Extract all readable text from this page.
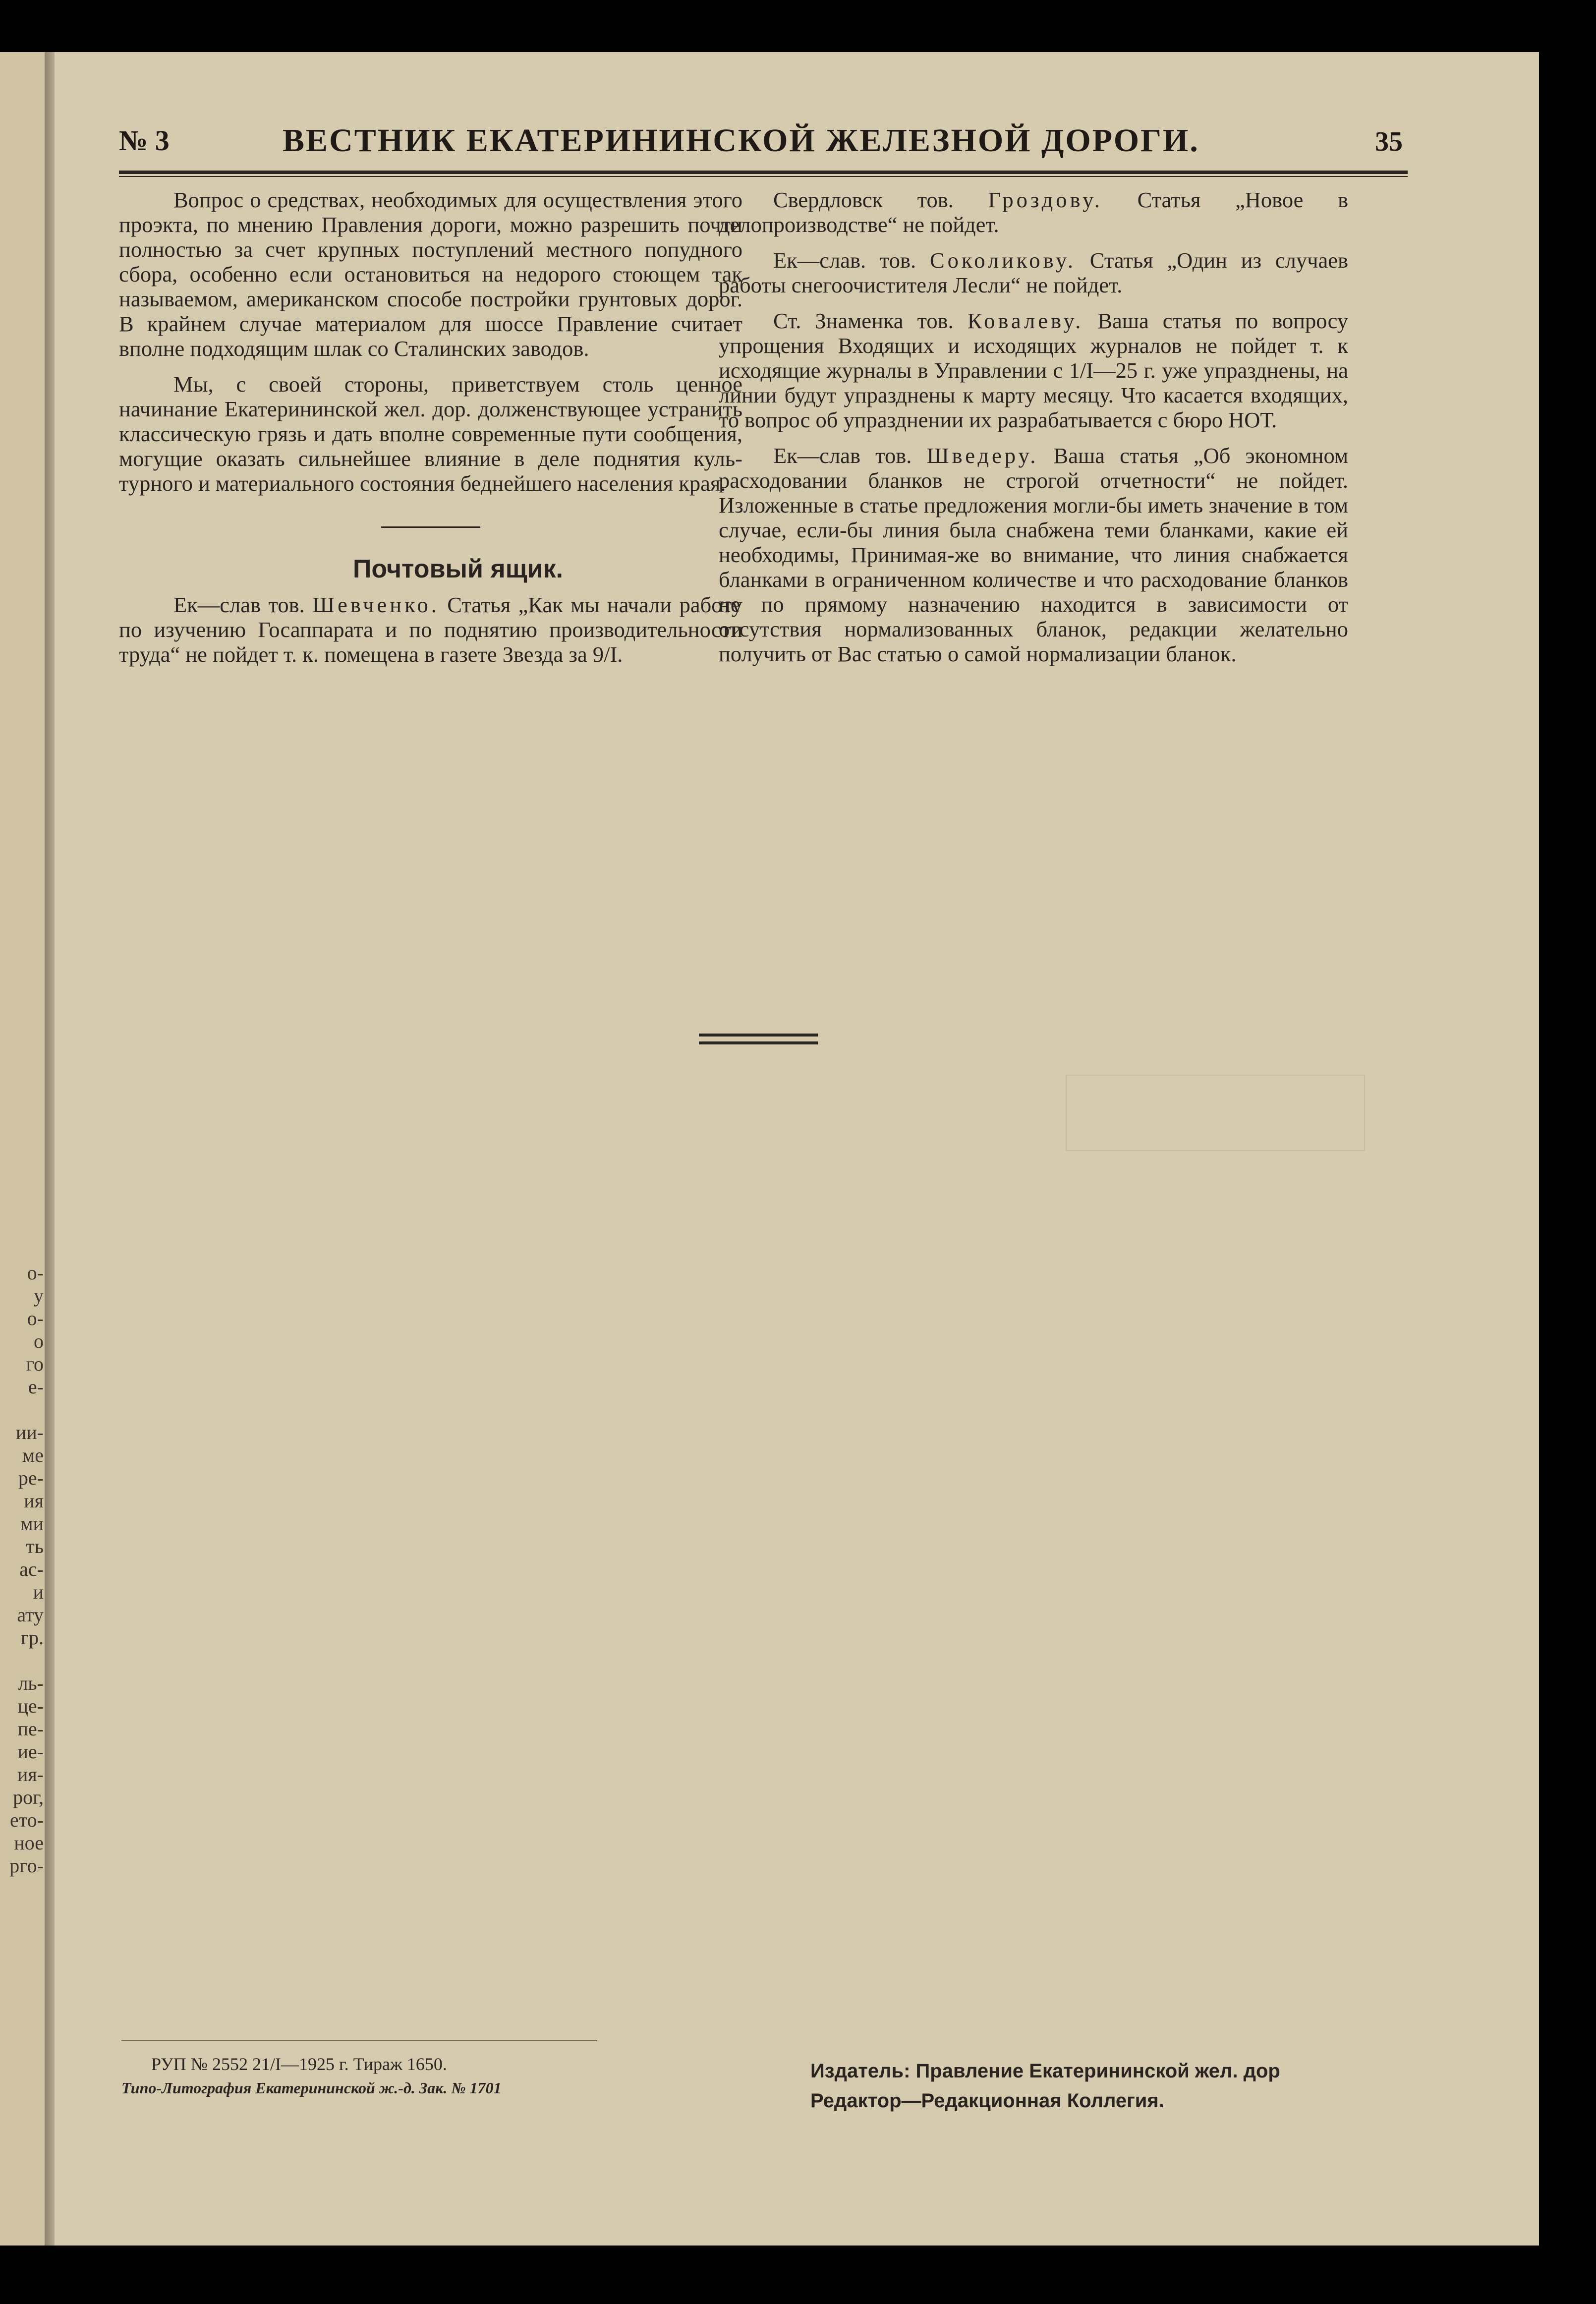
о-
у
о-
о
го
е-
ии-
ме
ре-
ия
ми
ть
ас-
и
ату
гр.
ль-
це-
пе-
ие-
ия-
рог,
ето-
ное
рго-
№ 3	ВЕСТНИК ЕКАТЕРИНИНСКОЙ ЖЕЛЕЗНОЙ ДОРОГИ.	35

Вопрос о средствах, необходимых для осуществления этого проэкта, по мнению Правления дороги, можно разрешить почти полностью за счет крупных поступлений местного попудного сбора, особенно если остановиться на недорого стоющем так называемом, американском способе постройки грунтовых дорог. В крайнем случае материалом для шоссе Правление считает вполне подходящим шлак со Сталинских заводов.

Мы, с своей стороны, приветствуем столь ценное начинание Екатерининской жел. дор. долженствующее устранить классическую грязь и дать вполне современные пути сообщения, могущие оказать сильнейшее влияние в деле поднятия культурного и материального состояния беднейшего населения края.

Почтовый ящик.

Ек—слав тов. Шевченко. Статья „Как мы начали работу по изучению Госаппарата и по поднятию производительности труда“ не пойдет т. к. помещена в газете Звезда за 9/I.

Свердловск тов. Гроздову. Статья „Новое в делопроизводстве“ не пойдет.

Ек—слав. тов. Соколикову. Статья „Один из случаев работы снегоочистителя Лесли“ не пойдет.

Ст. Знаменка тов. Ковалеву. Ваша статья по вопросу упрощения Входящих и исходящих журналов не пойдет т. к исходящие журналы в Управлении с 1/I—25 г. уже упразднены, на линии будут упразднены к марту месяцу. Что касается входящих, то вопрос об упразднении их разрабатывается с бюро НОТ.

Ек—слав тов. Шведеру. Ваша статья „Об экономном расходовании бланков не строгой отчетности“ не пойдет. Изложенные в статье предложения могли-бы иметь значение в том случае, если-бы линия была снабжена теми бланками, какие ей необходимы, Принимая-же во внимание, что линия снабжается бланками в ограниченном количестве и что расходование бланков не по прямому назначению находится в зависимости от отсутствия нормализованных бланок, редакции желательно получить от Вас статью о самой нормализации бланок.

РУП № 2552 21/I—1925 г. Тираж 1650.
Типо-Литография Екатерининской ж.-д. Зак. № 1701
Издатель: Правление Екатерининской жел. дор
Редактор—Редакционная Коллегия.
